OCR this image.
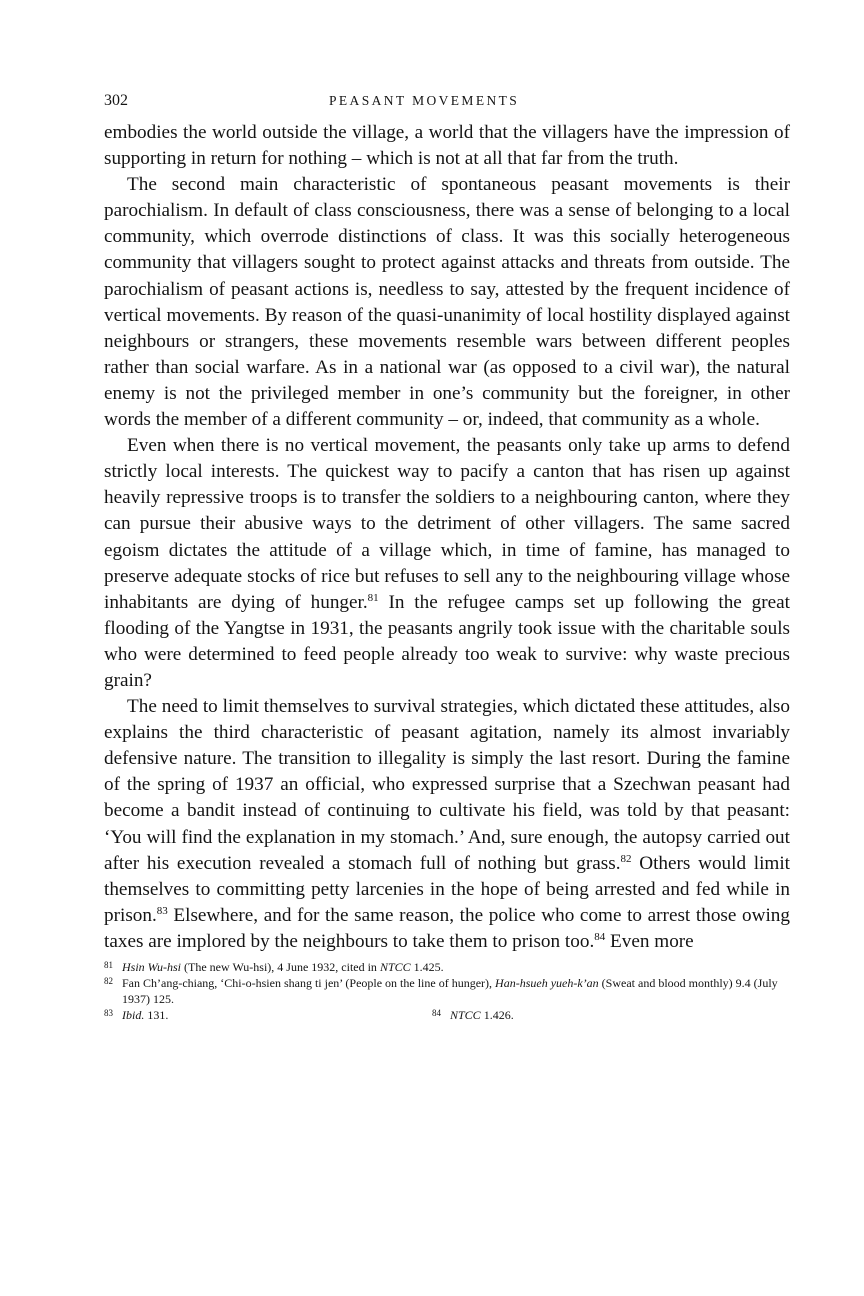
302	PEASANT MOVEMENTS

embodies the world outside the village, a world that the villagers have the impression of supporting in return for nothing – which is not at all that far from the truth.

The second main characteristic of spontaneous peasant movements is their parochialism. In default of class consciousness, there was a sense of belonging to a local community, which overrode distinctions of class. It was this socially heterogeneous community that villagers sought to protect against attacks and threats from outside. The parochialism of peasant actions is, needless to say, attested by the frequent incidence of vertical movements. By reason of the quasi-unanimity of local hostility displayed against neighbours or strangers, these movements resemble wars between different peoples rather than social warfare. As in a national war (as opposed to a civil war), the natural enemy is not the privileged member in one’s community but the foreigner, in other words the member of a different community – or, indeed, that community as a whole.

Even when there is no vertical movement, the peasants only take up arms to defend strictly local interests. The quickest way to pacify a canton that has risen up against heavily repressive troops is to transfer the soldiers to a neighbouring canton, where they can pursue their abusive ways to the detriment of other villagers. The same sacred egoism dictates the attitude of a village which, in time of famine, has managed to preserve adequate stocks of rice but refuses to sell any to the neighbouring village whose inhabitants are dying of hunger.$^{81}$ In the refugee camps set up following the great flooding of the Yangtse in 1931, the peasants angrily took issue with the charitable souls who were determined to feed people already too weak to survive: why waste precious grain?

The need to limit themselves to survival strategies, which dictated these attitudes, also explains the third characteristic of peasant agitation, namely its almost invariably defensive nature. The transition to illegality is simply the last resort. During the famine of the spring of 1937 an official, who expressed surprise that a Szechwan peasant had become a bandit instead of continuing to cultivate his field, was told by that peasant: ‘You will find the explanation in my stomach.’ And, sure enough, the autopsy carried out after his execution revealed a stomach full of nothing but grass.$^{82}$ Others would limit themselves to committing petty larcenies in the hope of being arrested and fed while in prison.$^{83}$ Elsewhere, and for the same reason, the police who come to arrest those owing taxes are implored by the neighbours to take them to prison too.$^{84}$ Even more

81 Hsin Wu-hsi (The new Wu-hsi), 4 June 1932, cited in NTCC 1.425.
82 Fan Ch’ang-chiang, ‘Chi-o-hsien shang ti jen’ (People on the line of hunger), Han-hsueh yueh-k’an (Sweat and blood monthly) 9.4 (July 1937) 125.
83 Ibid. 131.	84 NTCC 1.426.
